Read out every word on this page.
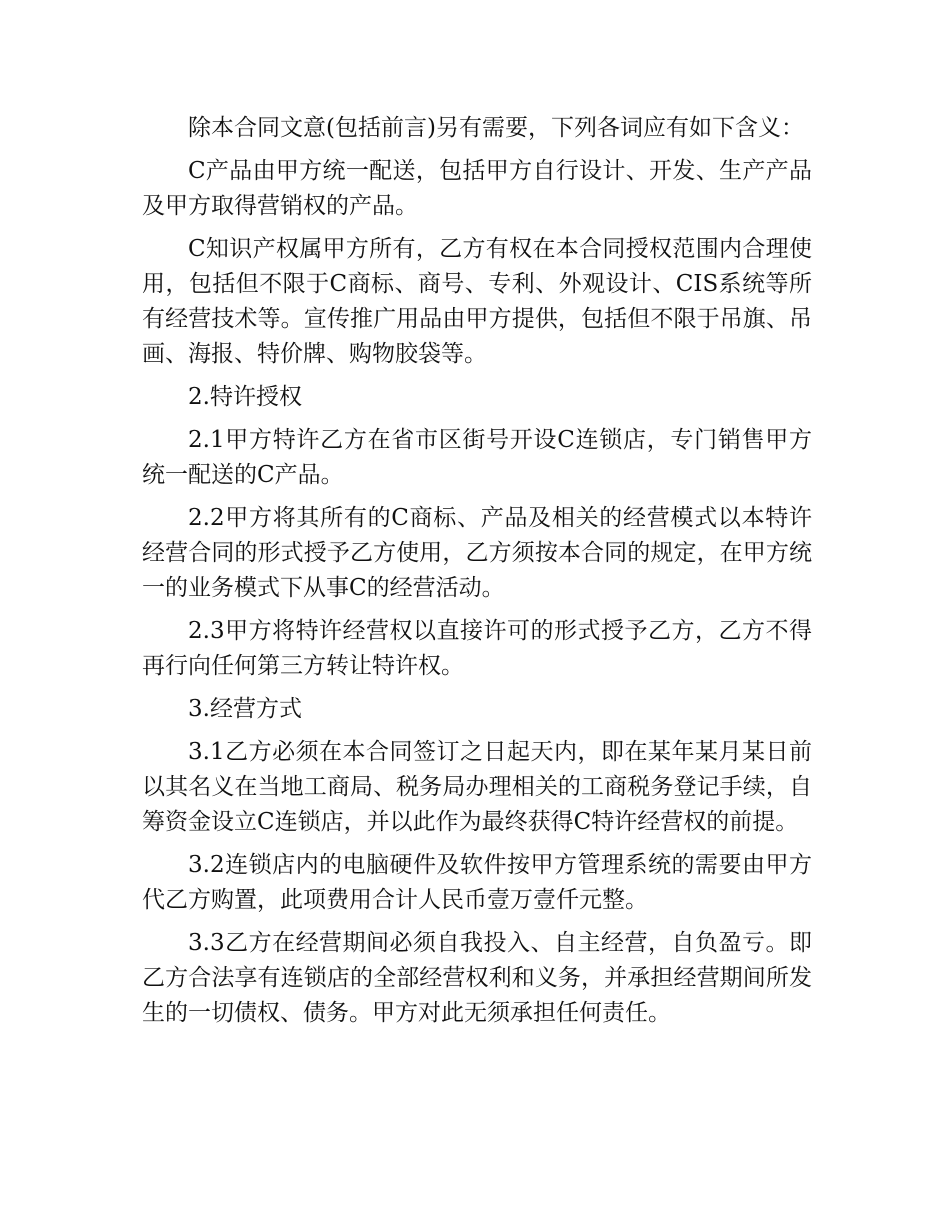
除本合同文意(包括前言)另有需要，下列各词应有如下含义：

C产品由甲方统一配送，包括甲方自行设计、开发、生产产品及甲方取得营销权的产品。

C知识产权属甲方所有，乙方有权在本合同授权范围内合理使用，包括但不限于C商标、商号、专利、外观设计、CIS系统等所有经营技术等。宣传推广用品由甲方提供，包括但不限于吊旗、吊画、海报、特价牌、购物胶袋等。

2.特许授权

2.1甲方特许乙方在省市区街号开设C连锁店，专门销售甲方统一配送的C产品。

2.2甲方将其所有的C商标、产品及相关的经营模式以本特许经营合同的形式授予乙方使用，乙方须按本合同的规定，在甲方统一的业务模式下从事C的经营活动。

2.3甲方将特许经营权以直接许可的形式授予乙方，乙方不得再行向任何第三方转让特许权。

3.经营方式

3.1乙方必须在本合同签订之日起天内，即在某年某月某日前以其名义在当地工商局、税务局办理相关的工商税务登记手续，自筹资金设立C连锁店，并以此作为最终获得C特许经营权的前提。

3.2连锁店内的电脑硬件及软件按甲方管理系统的需要由甲方代乙方购置，此项费用合计人民币壹万壹仟元整。

3.3乙方在经营期间必须自我投入、自主经营，自负盈亏。即乙方合法享有连锁店的全部经营权利和义务，并承担经营期间所发生的一切债权、债务。甲方对此无须承担任何责任。
